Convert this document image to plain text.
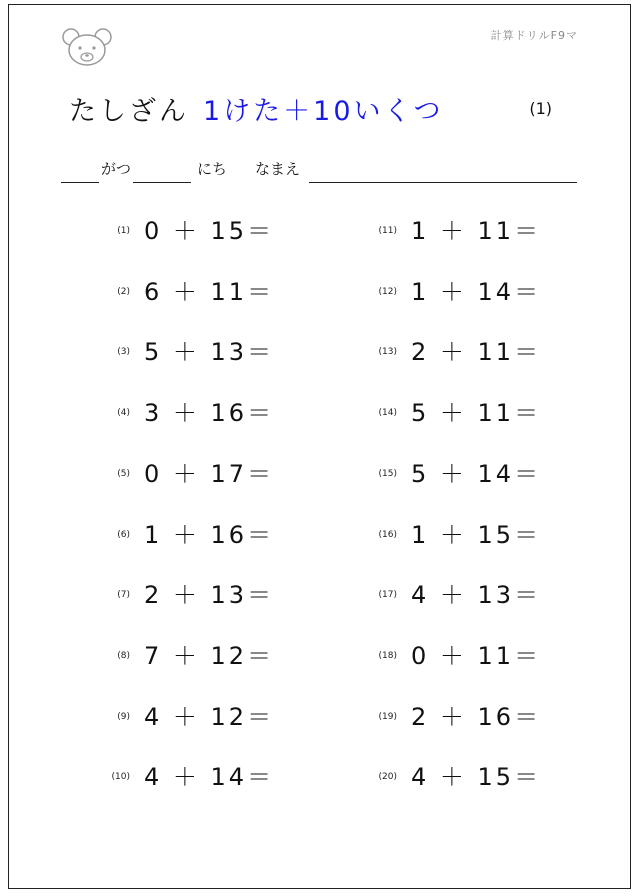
計算ドリルF9マ
たしざん 1けた＋10いくつ	(1)
がつ	にち なまえ
(1) 0 ＋ 15＝
(2) 6 ＋ 11＝
(3) 5 ＋ 13＝
(4) 3 ＋ 16＝
(5) 0 ＋ 17＝
(6) 1 ＋ 16＝
(7) 2 ＋ 13＝
(8) 7 ＋ 12＝
(9) 4 ＋ 12＝
(10) 4 ＋ 14＝
(11) 1 ＋ 11＝
(12) 1 ＋ 14＝
(13) 2 ＋ 11＝
(14) 5 ＋ 11＝
(15) 5 ＋ 14＝
(16) 1 ＋ 15＝
(17) 4 ＋ 13＝
(18) 0 ＋ 11＝
(19) 2 ＋ 16＝
(20) 4 ＋ 15＝
